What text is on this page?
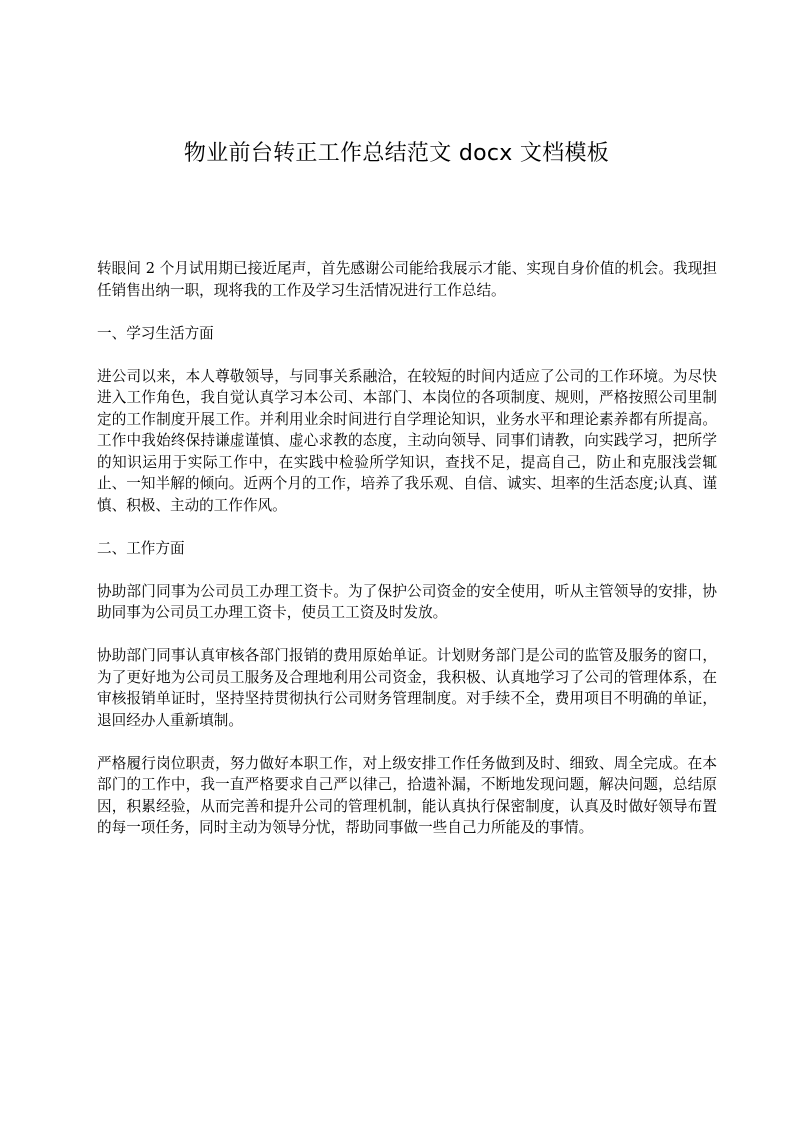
物业前台转正工作总结范文 docx 文档模板

转眼间 2 个月试用期已接近尾声，首先感谢公司能给我展示才能、实现自身价值的机会。我现担任销售出纳一职，现将我的工作及学习生活情况进行工作总结。

一、学习生活方面

进公司以来，本人尊敬领导，与同事关系融洽，在较短的时间内适应了公司的工作环境。为尽快进入工作角色，我自觉认真学习本公司、本部门、本岗位的各项制度、规则，严格按照公司里制定的工作制度开展工作。并利用业余时间进行自学理论知识，业务水平和理论素养都有所提高。工作中我始终保持谦虚谨慎、虚心求教的态度，主动向领导、同事们请教，向实践学习，把所学的知识运用于实际工作中，在实践中检验所学知识，查找不足，提高自己，防止和克服浅尝辄止、一知半解的倾向。近两个月的工作，培养了我乐观、自信、诚实、坦率的生活态度;认真、谨慎、积极、主动的工作作风。

二、工作方面

协助部门同事为公司员工办理工资卡。为了保护公司资金的安全使用，听从主管领导的安排，协助同事为公司员工办理工资卡，使员工工资及时发放。

协助部门同事认真审核各部门报销的费用原始单证。计划财务部门是公司的监管及服务的窗口，为了更好地为公司员工服务及合理地利用公司资金，我积极、认真地学习了公司的管理体系，在审核报销单证时，坚持坚持贯彻执行公司财务管理制度。对手续不全，费用项目不明确的单证，退回经办人重新填制。

严格履行岗位职责，努力做好本职工作，对上级安排工作任务做到及时、细致、周全完成。在本部门的工作中，我一直严格要求自己严以律己，拾遗补漏，不断地发现问题，解决问题，总结原因，积累经验，从而完善和提升公司的管理机制，能认真执行保密制度，认真及时做好领导布置的每一项任务，同时主动为领导分忧，帮助同事做一些自己力所能及的事情。
